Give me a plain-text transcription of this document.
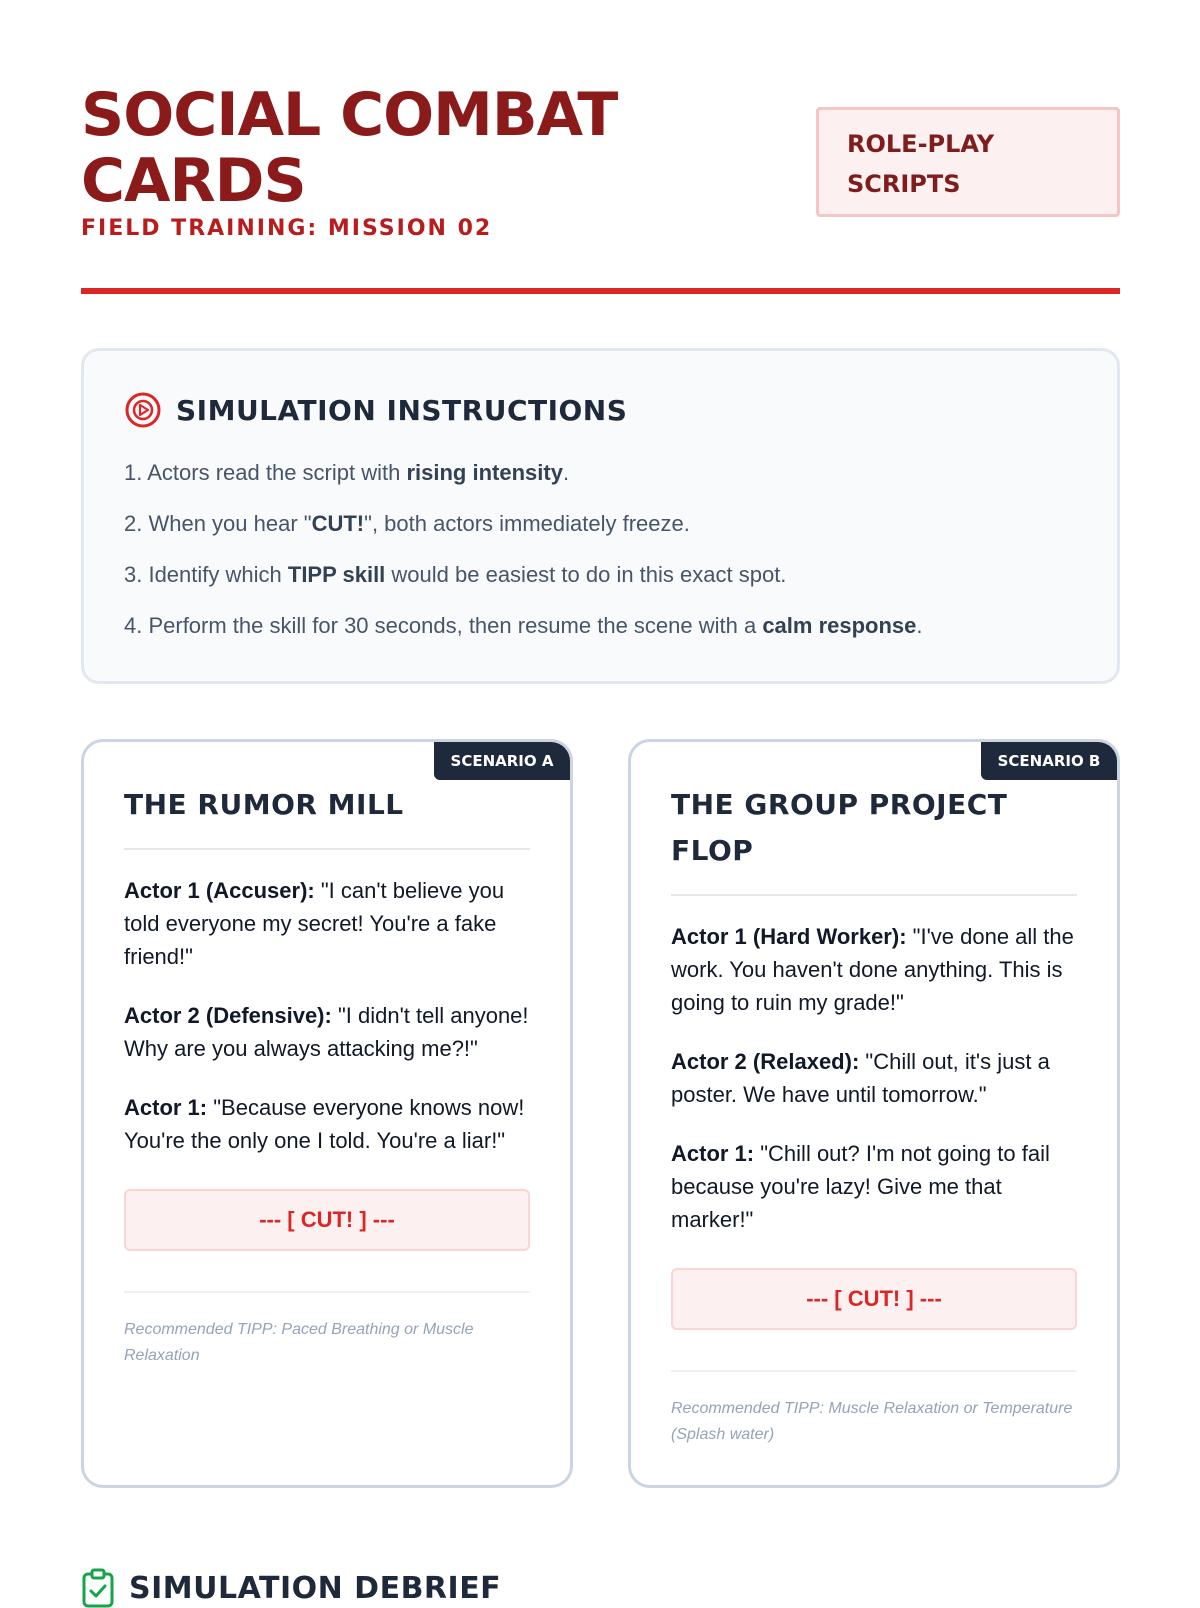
SOCIAL COMBAT
CARDS
FIELD TRAINING: MISSION 02
ROLE-PLAY
SCRIPTS
SIMULATION INSTRUCTIONS
1. Actors read the script with rising intensity.
2. When you hear "CUT!", both actors immediately freeze.
3. Identify which TIPP skill would be easiest to do in this exact spot.
4. Perform the skill for 30 seconds, then resume the scene with a calm response.
SCENARIO A
THE RUMOR MILL

Actor 1 (Accuser): "I can't believe you told everyone my secret! You're a fake friend!"

Actor 2 (Defensive): "I didn't tell anyone! Why are you always attacking me?!"

Actor 1: "Because everyone knows now! You're the only one I told. You're a liar!"

--- [ CUT! ] ---
Recommended TIPP: Paced Breathing or Muscle Relaxation
SCENARIO B
THE GROUP PROJECT
FLOP

Actor 1 (Hard Worker): "I've done all the work. You haven't done anything. This is going to ruin my grade!"

Actor 2 (Relaxed): "Chill out, it's just a poster. We have until tomorrow."

Actor 1: "Chill out? I'm not going to fail because you're lazy! Give me that marker!"

--- [ CUT! ] ---
Recommended TIPP: Muscle Relaxation or Temperature (Splash water)
SIMULATION DEBRIEF
